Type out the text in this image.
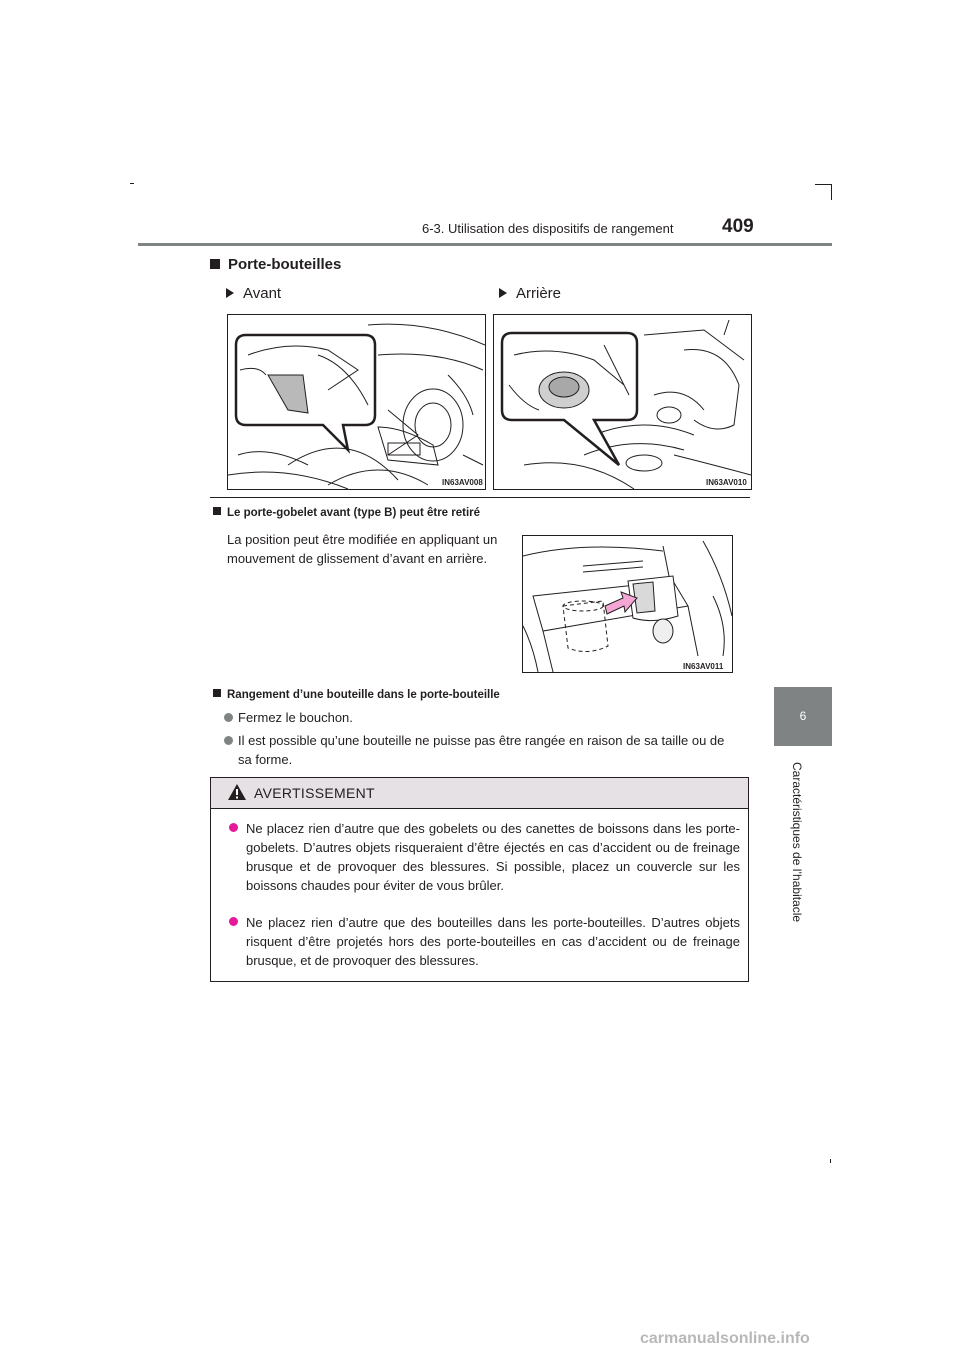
6-3. Utilisation des dispositifs de rangement	409
6
Caractéristiques de l’habitacle
Porte-bouteilles
Avant	Arrière
IN63AV008	IN63AV010
Le porte-gobelet avant (type B) peut être retiré
La position peut être modifiée en appliquant un
mouvement de glissement d’avant en arrière.
IN63AV011
Rangement d’une bouteille dans le porte-bouteille
Fermez le bouchon.
Il est possible qu’une bouteille ne puisse pas être rangée en raison de sa taille ou de
sa forme.
AVERTISSEMENT
Ne placez rien d’autre que des gobelets ou des canettes de boissons dans les porte-gobelets. D’autres objets risqueraient d’être éjectés en cas d’accident ou de freinage brusque et de provoquer des blessures. Si possible, placez un couvercle sur les boissons chaudes pour éviter de vous brûler.
Ne placez rien d’autre que des bouteilles dans les porte-bouteilles. D’autres objets risquent d’être projetés hors des porte-bouteilles en cas d’accident ou de freinage brusque, et de provoquer des blessures.
carmanualsonline.info
